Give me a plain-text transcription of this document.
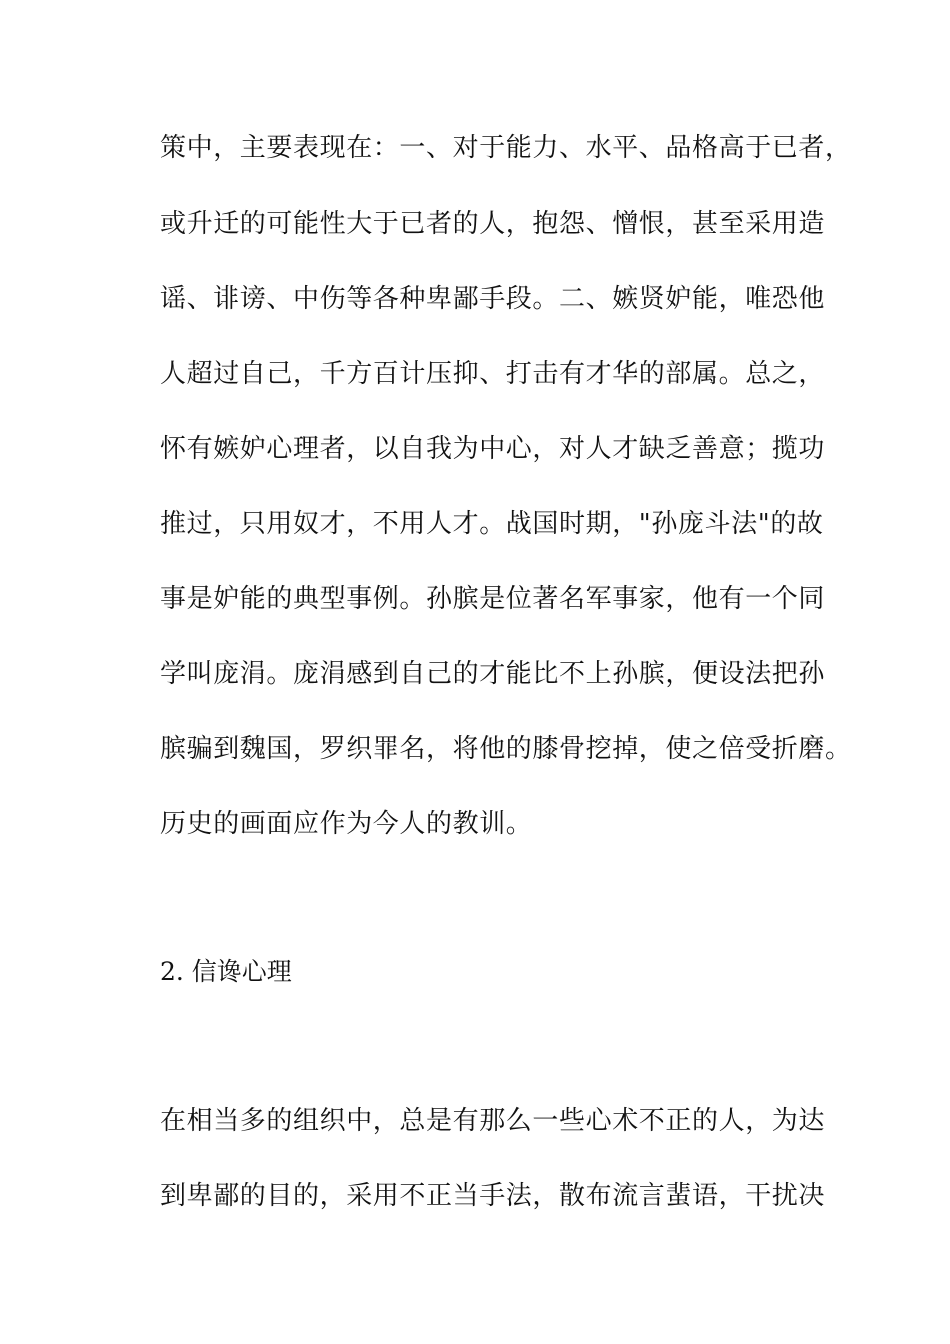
策中，主要表现在：一、对于能力、水平、品格高于已者，
或升迁的可能性大于已者的人，抱怨、憎恨，甚至采用造
谣、诽谤、中伤等各种卑鄙手段。二、嫉贤妒能，唯恐他
人超过自己，千方百计压抑、打击有才华的部属。总之，
怀有嫉妒心理者，以自我为中心，对人才缺乏善意；揽功
推过，只用奴才，不用人才。战国时期，"孙庞斗法"的故
事是妒能的典型事例。孙膑是位著名军事家，他有一个同
学叫庞涓。庞涓感到自己的才能比不上孙膑，便设法把孙
膑骗到魏国，罗织罪名，将他的膝骨挖掉，使之倍受折磨。
历史的画面应作为今人的教训。
2. 信谗心理
在相当多的组织中，总是有那么一些心术不正的人，为达
到卑鄙的目的，采用不正当手法，散布流言蜚语，干扰决
